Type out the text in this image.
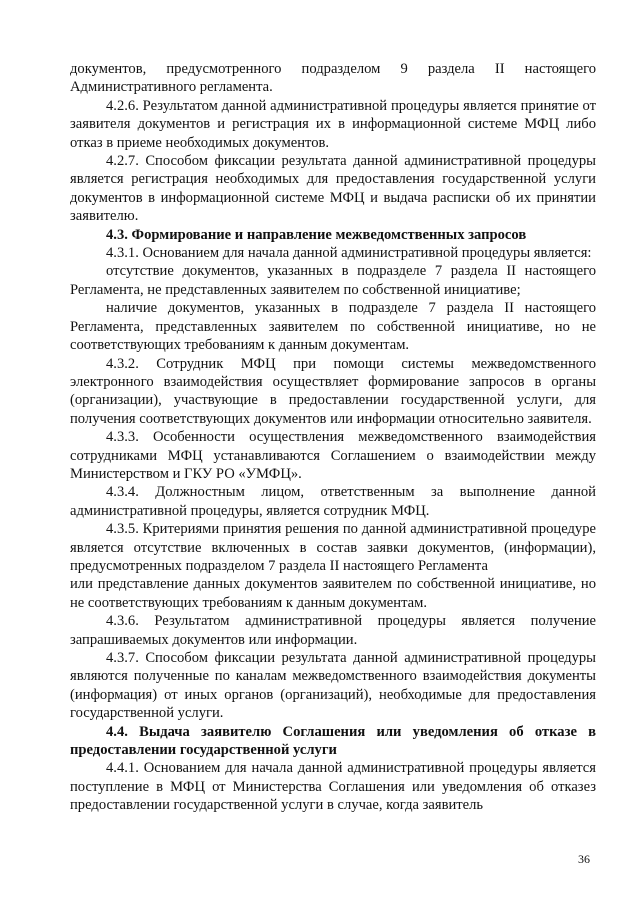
документов, предусмотренного подразделом 9 раздела II настоящего Административного регламента.

4.2.6. Результатом данной административной процедуры является принятие от заявителя документов и регистрация их в информационной системе МФЦ либо отказ в приеме необходимых документов.

4.2.7. Способом фиксации результата данной административной процедуры является регистрация необходимых для предоставления государственной услуги документов в информационной системе МФЦ и выдача расписки об их принятии заявителю.

4.3. Формирование и направление межведомственных запросов

4.3.1. Основанием для начала данной административной процедуры является:

отсутствие документов, указанных в подразделе 7 раздела II настоящего Регламента, не представленных заявителем по собственной инициативе;

наличие документов, указанных в подразделе 7 раздела II настоящего Регламента, представленных заявителем по собственной инициативе, но не соответствующих требованиям к данным документам.

4.3.2. Сотрудник МФЦ при помощи системы межведомственного электронного взаимодействия осуществляет формирование запросов в органы (организации), участвующие в предоставлении государственной услуги, для получения соответствующих документов или информации относительно заявителя.

4.3.3. Особенности осуществления межведомственного взаимодействия сотрудниками МФЦ устанавливаются Соглашением о взаимодействии между Министерством и ГКУ РО «УМФЦ».

4.3.4. Должностным лицом, ответственным за выполнение данной административной процедуры, является сотрудник МФЦ.

4.3.5. Критериями принятия решения по данной административной процедуре является отсутствие включенных в состав заявки документов, (информации), предусмотренных подразделом 7 раздела II настоящего Регламента

или представление данных документов заявителем по собственной инициативе, но не соответствующих требованиям к данным документам.

4.3.6. Результатом административной процедуры является получение запрашиваемых документов или информации.

4.3.7. Способом фиксации результата данной административной процедуры являются полученные по каналам межведомственного взаимодействия документы (информация) от иных органов (организаций), необходимые для предоставления государственной услуги.

4.4. Выдача заявителю Соглашения или уведомления об отказе в предоставлении государственной услуги

4.4.1. Основанием для начала данной административной процедуры является поступление в МФЦ от Министерства Соглашения или уведомления об отказез предоставлении государственной услуги в случае, когда заявитель

36
